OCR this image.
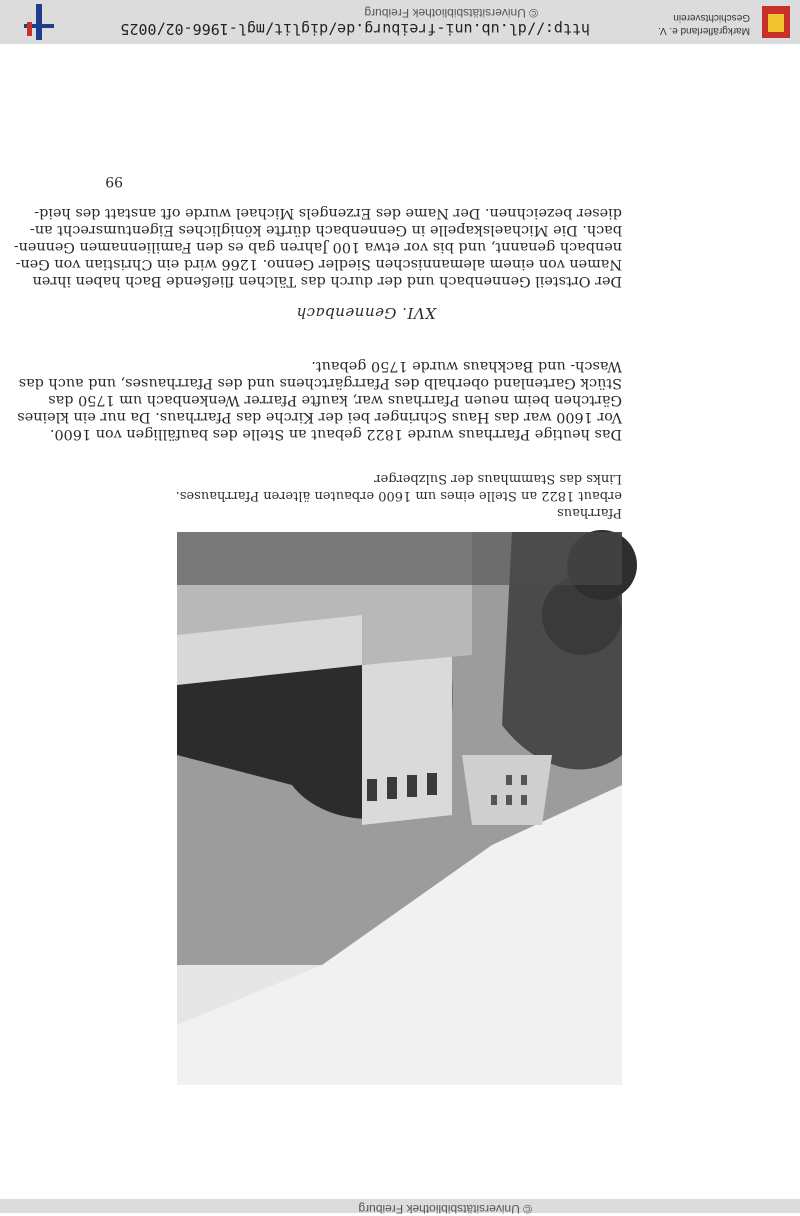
© Universitätsbibliothek Freiburg
Pfarrhaus
erbaut 1822 an Stelle eines um 1600 erbauten älteren Pfarrhauses.
Links das Stammhaus der Sulzberger
Das heutige Pfarrhaus wurde 1822 gebaut an Stelle des baufälligen von 1600.
Vor 1600 war das Haus Schringer bei der Kirche das Pfarrhaus. Da nur ein kleines
Gärtchen beim neuen Pfarrhaus war, kaufte Pfarrer Wenkenbach um 1750 das
Stück Gartenland oberhalb des Pfarrgärtchens und des Pfarrhauses, und auch das
Wasch- und Backhaus wurde 1750 gebaut.
XVI. Gennenbach
Der Ortsteil Gennenbach und der durch das Tälchen fließende Bach haben ihren
Namen von einem alemannischen Siedler Genno. 1266 wird ein Christian von Gen-
nenbach genannt, und bis vor etwa 100 Jahren gab es den Familiennamen Gennen-
bach. Die Michaelskapelle in Gennenbach dürfte königliches Eigentumsrecht an-
dieser bezeichnen. Der Name des Erzengels Michael wurde oft anstatt des heid-
99
Markgräflerland e. V.
Geschichtsverein
http://dl.ub.uni-freiburg.de/diglit/mgl-1966-02/0025
© Universitätsbibliothek Freiburg
